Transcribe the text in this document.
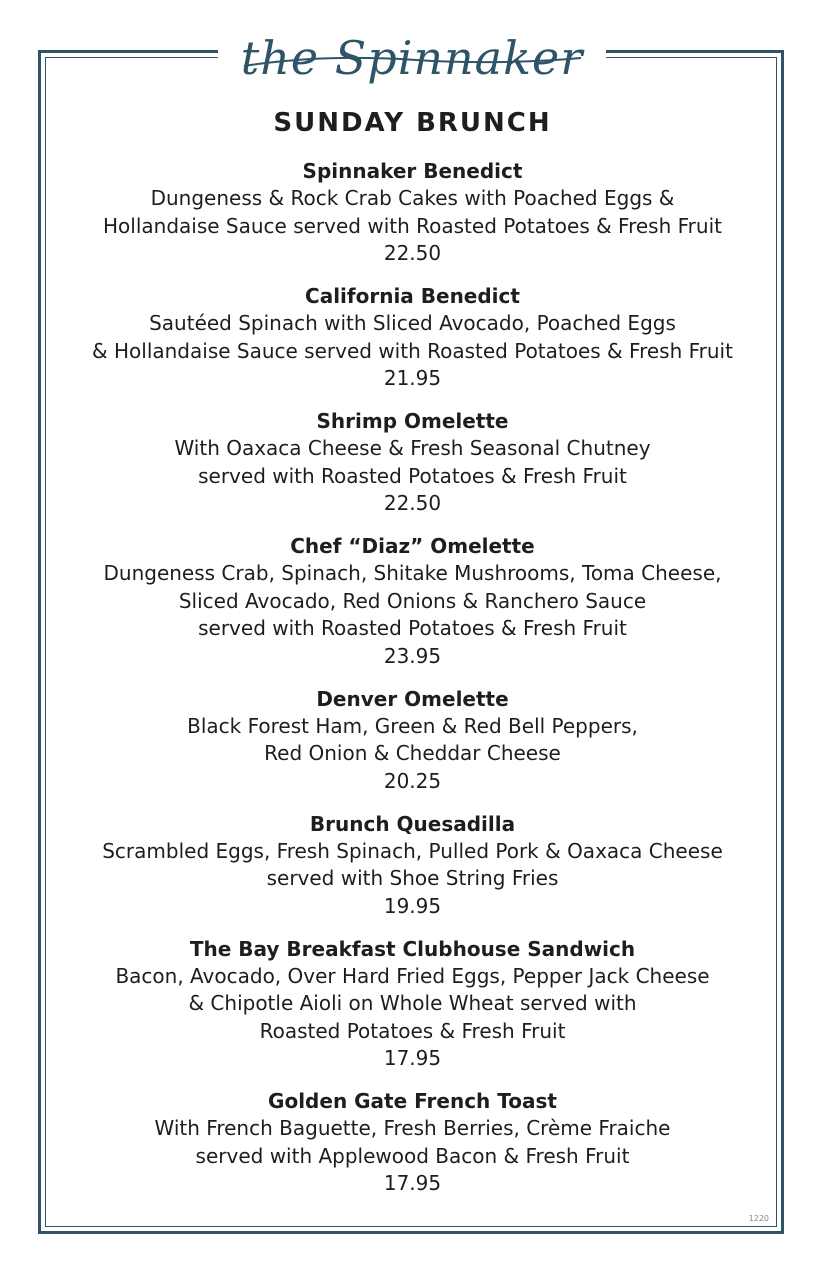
the Spinnaker
SUNDAY BRUNCH
Spinnaker Benedict
Dungeness & Rock Crab Cakes with Poached Eggs &
Hollandaise Sauce served with Roasted Potatoes & Fresh Fruit
22.50
California Benedict
Sautéed Spinach with Sliced Avocado, Poached Eggs
& Hollandaise Sauce served with Roasted Potatoes & Fresh Fruit
21.95
Shrimp Omelette
With Oaxaca Cheese & Fresh Seasonal Chutney
served with Roasted Potatoes & Fresh Fruit
22.50
Chef “Diaz” Omelette
Dungeness Crab, Spinach, Shitake Mushrooms, Toma Cheese,
Sliced Avocado, Red Onions & Ranchero Sauce
served with Roasted Potatoes & Fresh Fruit
23.95
Denver Omelette
Black Forest Ham, Green & Red Bell Peppers,
Red Onion & Cheddar Cheese
20.25
Brunch Quesadilla
Scrambled Eggs, Fresh Spinach, Pulled Pork & Oaxaca Cheese
served with Shoe String Fries
19.95
The Bay Breakfast Clubhouse Sandwich
Bacon, Avocado, Over Hard Fried Eggs, Pepper Jack Cheese
& Chipotle Aioli on Whole Wheat served with
Roasted Potatoes & Fresh Fruit
17.95
Golden Gate French Toast
With French Baguette, Fresh Berries, Crème Fraiche
served with Applewood Bacon & Fresh Fruit
17.95
1220
